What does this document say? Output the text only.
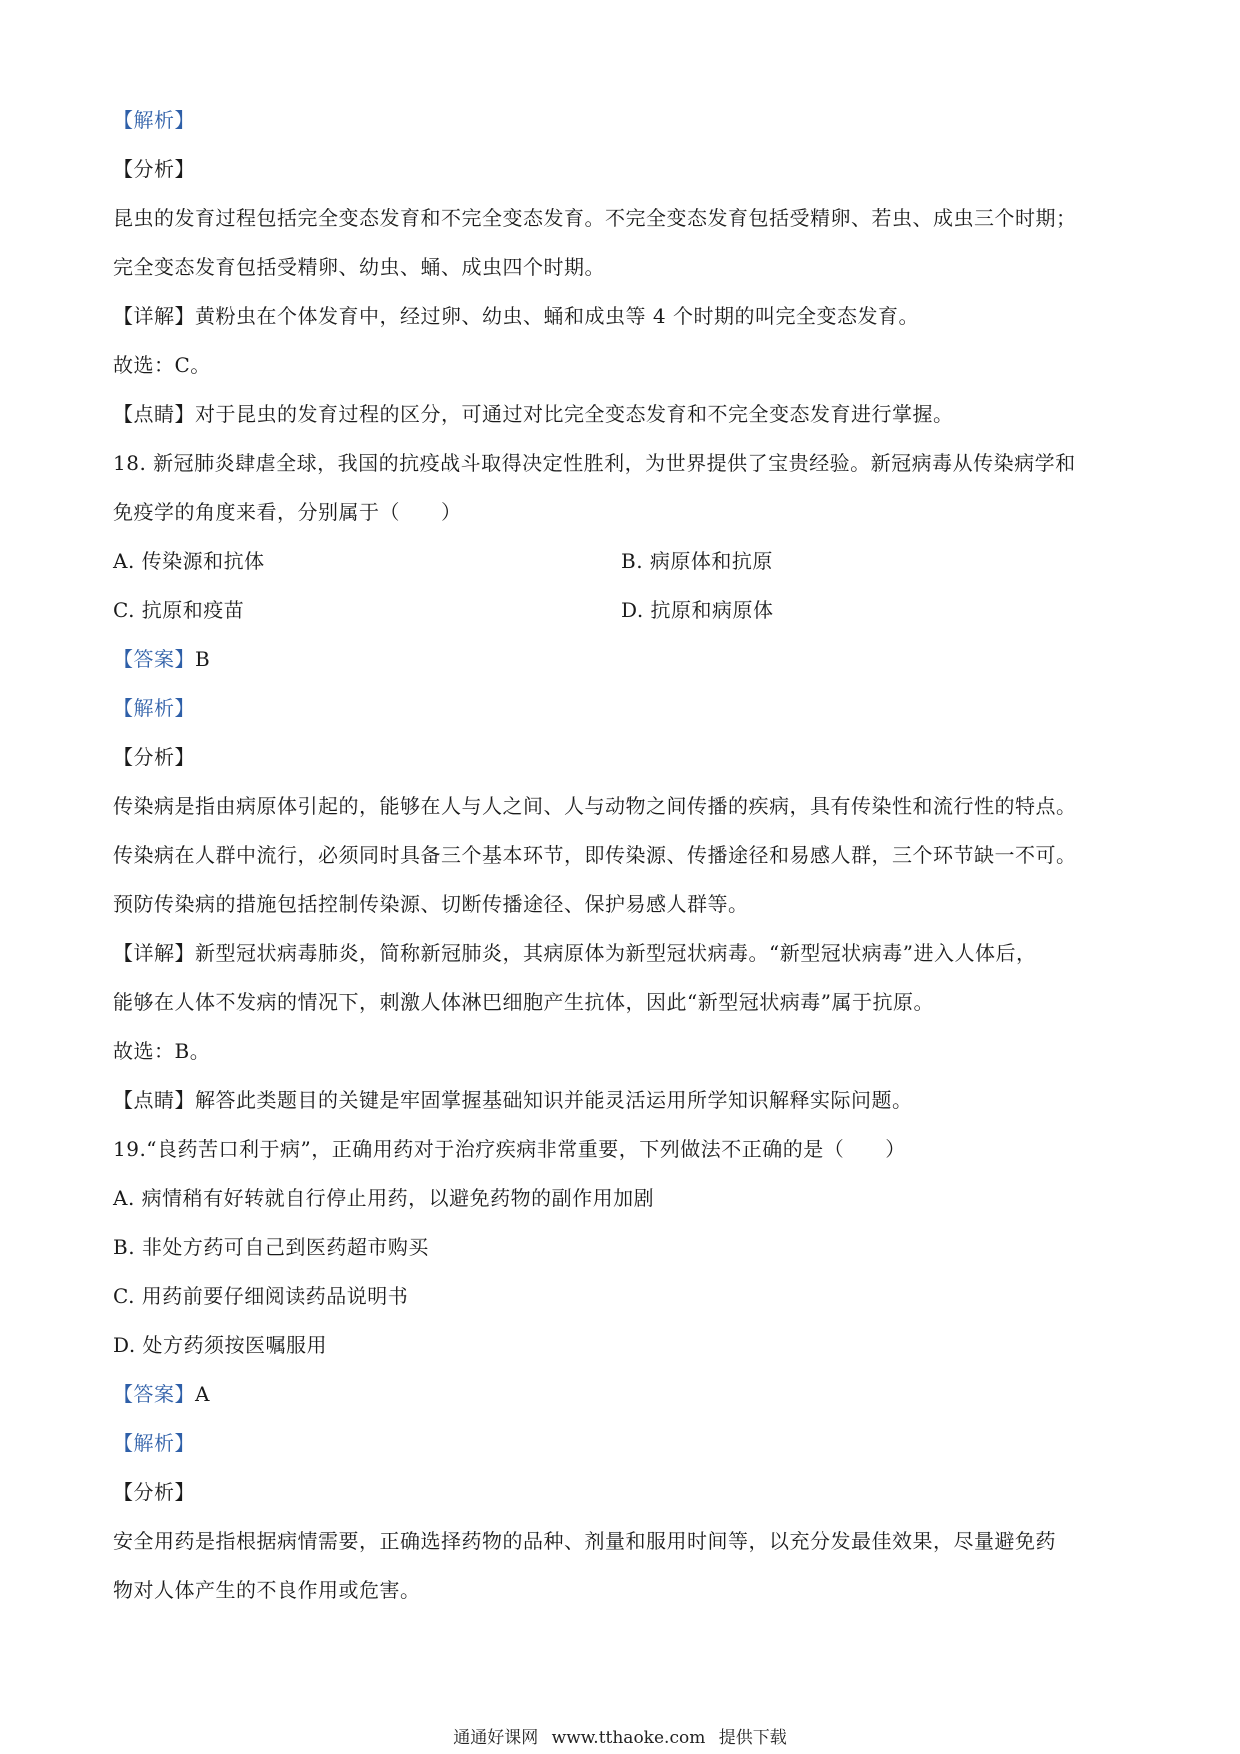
【解析】
【分析】
昆虫的发育过程包括完全变态发育和不完全变态发育。不完全变态发育包括受精卵、若虫、成虫三个时期；
完全变态发育包括受精卵、幼虫、蛹、成虫四个时期。
【详解】黄粉虫在个体发育中，经过卵、幼虫、蛹和成虫等 4 个时期的叫完全变态发育。
故选：C。
【点睛】对于昆虫的发育过程的区分，可通过对比完全变态发育和不完全变态发育进行掌握。
18. 新冠肺炎肆虐全球，我国的抗疫战斗取得决定性胜利，为世界提供了宝贵经验。新冠病毒从传染病学和
免疫学的角度来看，分别属于（　　）
A. 传染源和抗体	B. 病原体和抗原
C. 抗原和疫苗	D. 抗原和病原体
【答案】B
【解析】
【分析】
传染病是指由病原体引起的，能够在人与人之间、人与动物之间传播的疾病，具有传染性和流行性的特点。
传染病在人群中流行，必须同时具备三个基本环节，即传染源、传播途径和易感人群，三个环节缺一不可。
预防传染病的措施包括控制传染源、切断传播途径、保护易感人群等。
【详解】新型冠状病毒肺炎，简称新冠肺炎，其病原体为新型冠状病毒。“新型冠状病毒”进入人体后，
能够在人体不发病的情况下，刺激人体淋巴细胞产生抗体，因此“新型冠状病毒”属于抗原。
故选：B。
【点睛】解答此类题目的关键是牢固掌握基础知识并能灵活运用所学知识解释实际问题。
19.“良药苦口利于病”，正确用药对于治疗疾病非常重要，下列做法不正确的是（　　）
A. 病情稍有好转就自行停止用药，以避免药物的副作用加剧
B. 非处方药可自己到医药超市购买
C. 用药前要仔细阅读药品说明书
D. 处方药须按医嘱服用
【答案】A
【解析】
【分析】
安全用药是指根据病情需要，正确选择药物的品种、剂量和服用时间等，以充分发最佳效果，尽量避免药
物对人体产生的不良作用或危害。
通通好课网 www.tthaoke.com 提供下载
